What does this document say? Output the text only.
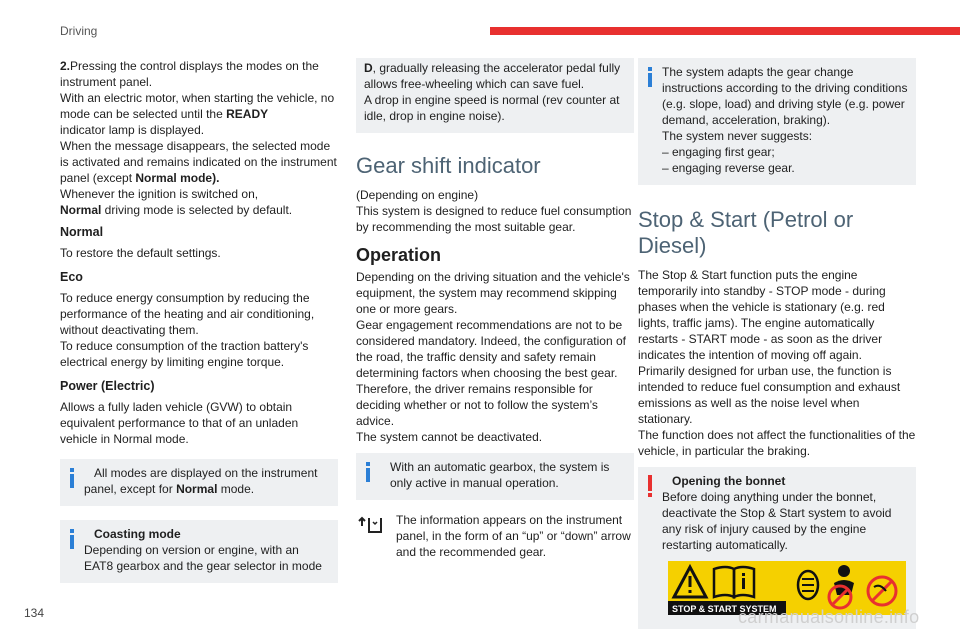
Driving
2.Pressing the control displays the modes on the instrument panel.
With an electric motor, when starting the vehicle, no mode can be selected until the READY
indicator lamp is displayed.
When the message disappears, the selected mode is activated and remains indicated on the instrument panel (except Normal mode).
Whenever the ignition is switched on,
Normal driving mode is selected by default.
Normal
To restore the default settings.
Eco
To reduce energy consumption by reducing the performance of the heating and air conditioning, without deactivating them.
To reduce consumption of the traction battery's electrical energy by limiting engine torque.
Power (Electric)
Allows a fully laden vehicle (GVW) to obtain equivalent performance to that of an unladen vehicle in Normal mode.
All modes are displayed on the instrument panel, except for Normal mode.
Coasting mode
Depending on version or engine, with an EAT8 gearbox and the gear selector in mode
D, gradually releasing the accelerator pedal fully allows free-wheeling which can save fuel.
A drop in engine speed is normal (rev counter at idle, drop in engine noise).
Gear shift indicator
(Depending on engine)
This system is designed to reduce fuel consumption by recommending the most suitable gear.
Operation
Depending on the driving situation and the vehicle's equipment, the system may recommend skipping one or more gears.
Gear engagement recommendations are not to be considered mandatory. Indeed, the configuration of the road, the traffic density and safety remain determining factors when choosing the best gear. Therefore, the driver remains responsible for deciding whether or not to follow the system’s advice.
The system cannot be deactivated.
With an automatic gearbox, the system is only active in manual operation.
The information appears on the instrument panel, in the form of an “up” or “down” arrow and the recommended gear.
The system adapts the gear change instructions according to the driving conditions (e.g. slope, load) and driving style (e.g. power demand, acceleration, braking).
The system never suggests:
– engaging first gear;
– engaging reverse gear.
Stop & Start (Petrol or Diesel)
The Stop & Start function puts the engine temporarily into standby - STOP mode - during phases when the vehicle is stationary (e.g. red lights, traffic jams). The engine automatically restarts - START mode - as soon as the driver indicates the intention of moving off again.
Primarily designed for urban use, the function is intended to reduce fuel consumption and exhaust emissions as well as the noise level when stationary.
The function does not affect the functionalities of the vehicle, in particular the braking.
Opening the bonnet
Before doing anything under the bonnet, deactivate the Stop & Start system to avoid any risk of injury caused by the engine restarting automatically.
STOP & START SYSTEM
134	carmanualsonline.info
